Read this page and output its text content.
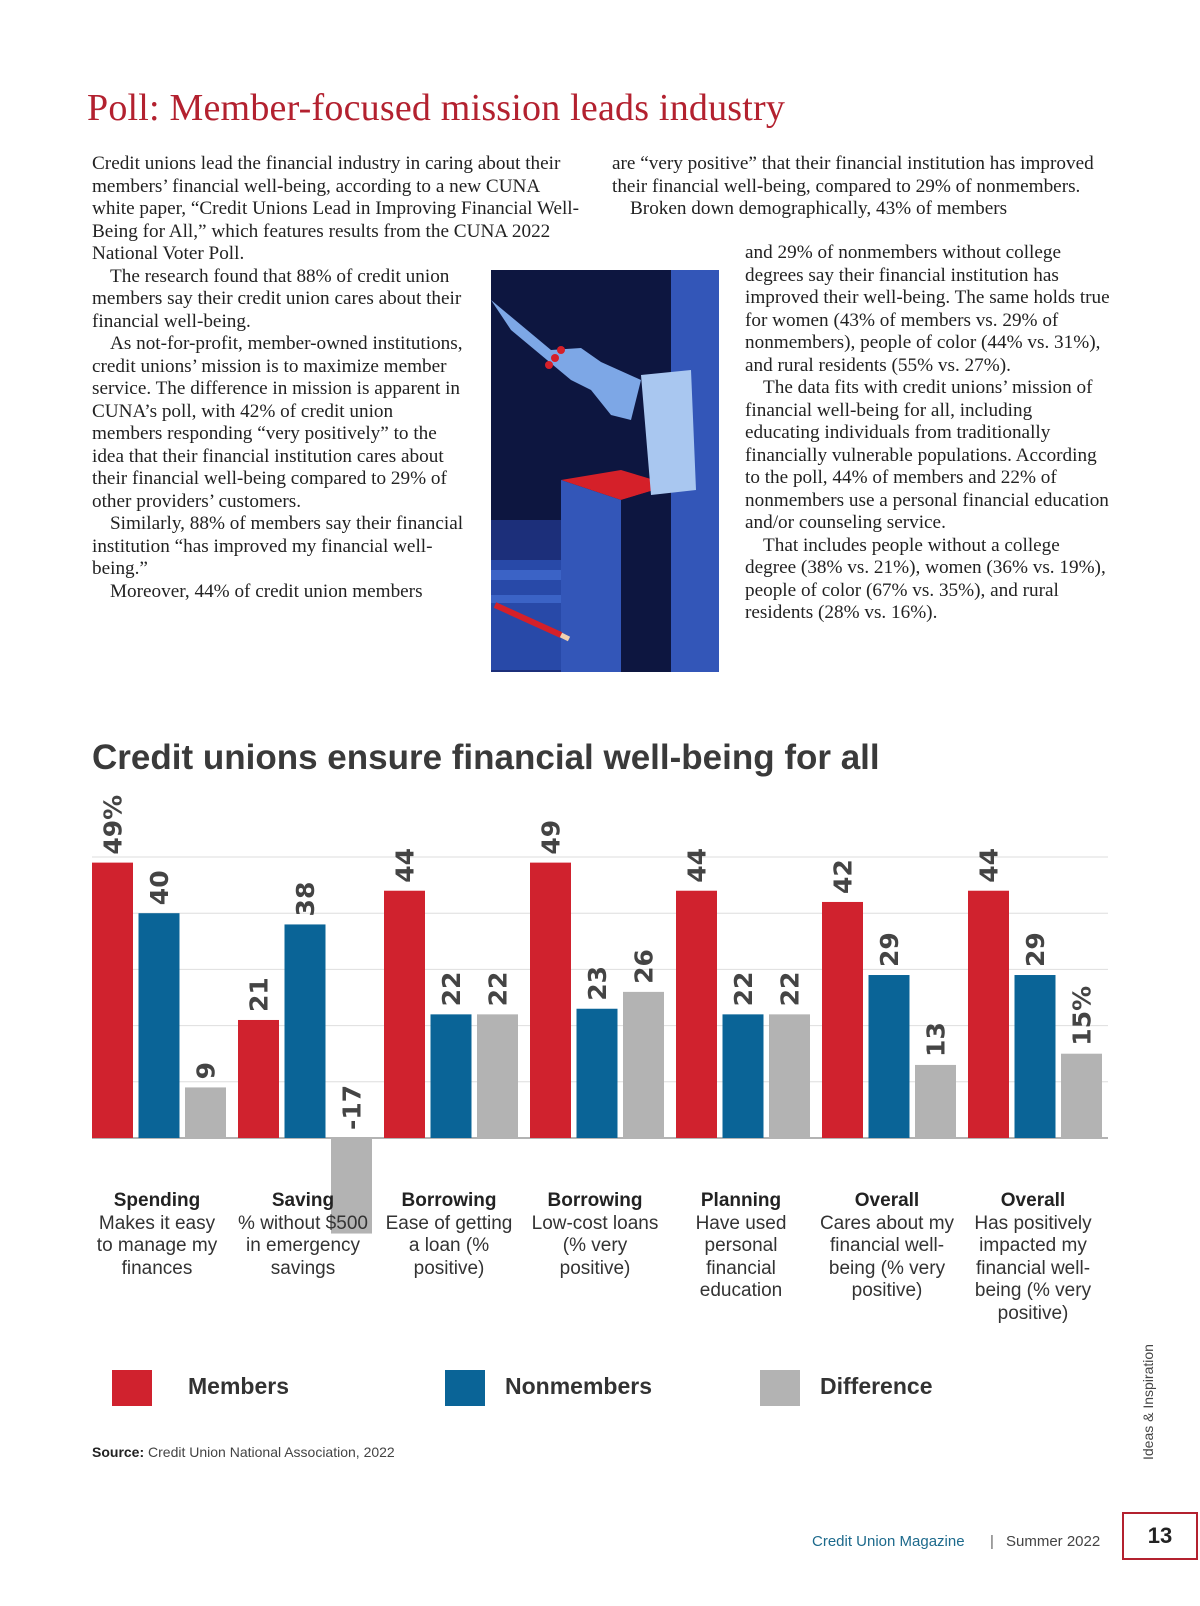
Poll: Member-focused mission leads industry

Credit unions lead the financial industry in caring about their members’ financial well-being, according to a new CUNA white paper, “Credit Unions Lead in Improving Financial Well-Being for All,” which features results from the CUNA 2022 National Voter Poll.

The research found that 88% of credit union members say their credit union cares about their financial well-being.

As not-for-profit, member-owned institutions, credit unions’ mission is to maximize member service. The difference in mission is apparent in CUNA’s poll, with 42% of credit union members responding “very positively” to the idea that their financial institution cares about their financial well-being compared to 29% of other providers’ customers.

Similarly, 88% of members say their financial institution “has improved my financial well-being.”

Moreover, 44% of credit union members

are “very positive” that their financial institution has improved their financial well-being, compared to 29% of nonmembers.

Broken down demographically, 43% of members

and 29% of nonmembers without college degrees say their financial institution has improved their well-being. The same holds true for women (43% of members vs. 29% of nonmembers), people of color (44% vs. 31%), and rural residents (55% vs. 27%).

The data fits with credit unions’ mission of financial well-being for all, including educating individuals from traditionally financially vulnerable populations. According to the poll, 44% of members and 22% of nonmembers use a personal financial education and/or counseling service.

That includes people without a college degree (38% vs. 21%), women (36% vs. 19%), people of color (67% vs. 35%), and rural residents (28% vs. 16%).

Credit unions ensure financial well-being for all
49%
40
9
21
38
-17
44
22 22
49
23 26
44
22 22
42
29
13
44
29
15%
Spending
Makes it easy to manage my finances
Saving
% without $500 in emergency savings
Borrowing
Ease of getting a loan (% positive)
Borrowing
Low-cost loans (% very positive)
Planning
Have used personal financial education
Overall
Cares about my financial well-being (% very positive)
Overall
Has positively impacted my financial well-being (% very positive)
Members	Nonmembers	Difference
Source: Credit Union National Association, 2022	Ideas & Inspiration
Credit Union Magazine | Summer 2022	13
